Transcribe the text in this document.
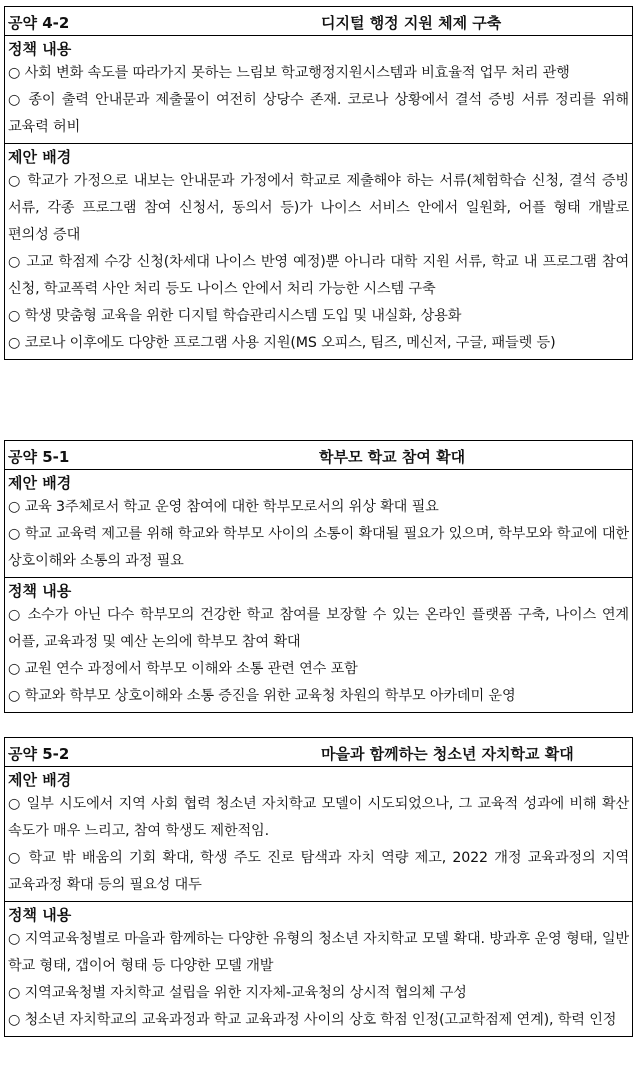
공약 4-2	디지털 행정 지원 체제 구축
정책 내용
○ 사회 변화 속도를 따라가지 못하는 느림보 학교행정지원시스템과 비효율적 업무 처리 관행
○ 종이 출력 안내문과 제출물이 여전히 상당수 존재. 코로나 상황에서 결석 증빙 서류 정리를 위해 교육력 허비
제안 배경
○ 학교가 가정으로 내보는 안내문과 가정에서 학교로 제출해야 하는 서류(체험학습 신청, 결석 증빙 서류, 각종 프로그램 참여 신청서, 동의서 등)가 나이스 서비스 안에서 일원화, 어플 형태 개발로 편의성 증대
○ 고교 학점제 수강 신청(차세대 나이스 반영 예정)뿐 아니라 대학 지원 서류, 학교 내 프로그램 참여 신청, 학교폭력 사안 처리 등도 나이스 안에서 처리 가능한 시스템 구축
○ 학생 맞춤형 교육을 위한 디지털 학습관리시스템 도입 및 내실화, 상용화
○ 코로나 이후에도 다양한 프로그램 사용 지원(MS 오피스, 팀즈, 메신저, 구글, 패들렛 등)
공약 5-1	학부모 학교 참여 확대
제안 배경
○ 교육 3주체로서 학교 운영 참여에 대한 학부모로서의 위상 확대 필요
○ 학교 교육력 제고를 위해 학교와 학부모 사이의 소통이 확대될 필요가 있으며, 학부모와 학교에 대한 상호이해와 소통의 과정 필요
정책 내용
○ 소수가 아닌 다수 학부모의 건강한 학교 참여를 보장할 수 있는 온라인 플랫폼 구축, 나이스 연계 어플, 교육과정 및 예산 논의에 학부모 참여 확대
○ 교원 연수 과정에서 학부모 이해와 소통 관련 연수 포함
○ 학교와 학부모 상호이해와 소통 증진을 위한 교육청 차원의 학부모 아카데미 운영
공약 5-2	마을과 함께하는 청소년 자치학교 확대
제안 배경
○ 일부 시도에서 지역 사회 협력 청소년 자치학교 모델이 시도되었으나, 그 교육적 성과에 비해 확산 속도가 매우 느리고, 참여 학생도 제한적임.
○ 학교 밖 배움의 기회 확대, 학생 주도 진로 탐색과 자치 역량 제고, 2022 개정 교육과정의 지역 교육과정 확대 등의 필요성 대두
정책 내용
○ 지역교육청별로 마을과 함께하는 다양한 유형의 청소년 자치학교 모델 확대. 방과후 운영 형태, 일반 학교 형태, 갭이어 형태 등 다양한 모델 개발
○ 지역교육청별 자치학교 설립을 위한 지자체-교육청의 상시적 협의체 구성
○ 청소년 자치학교의 교육과정과 학교 교육과정 사이의 상호 학점 인정(고교학점제 연계), 학력 인정
